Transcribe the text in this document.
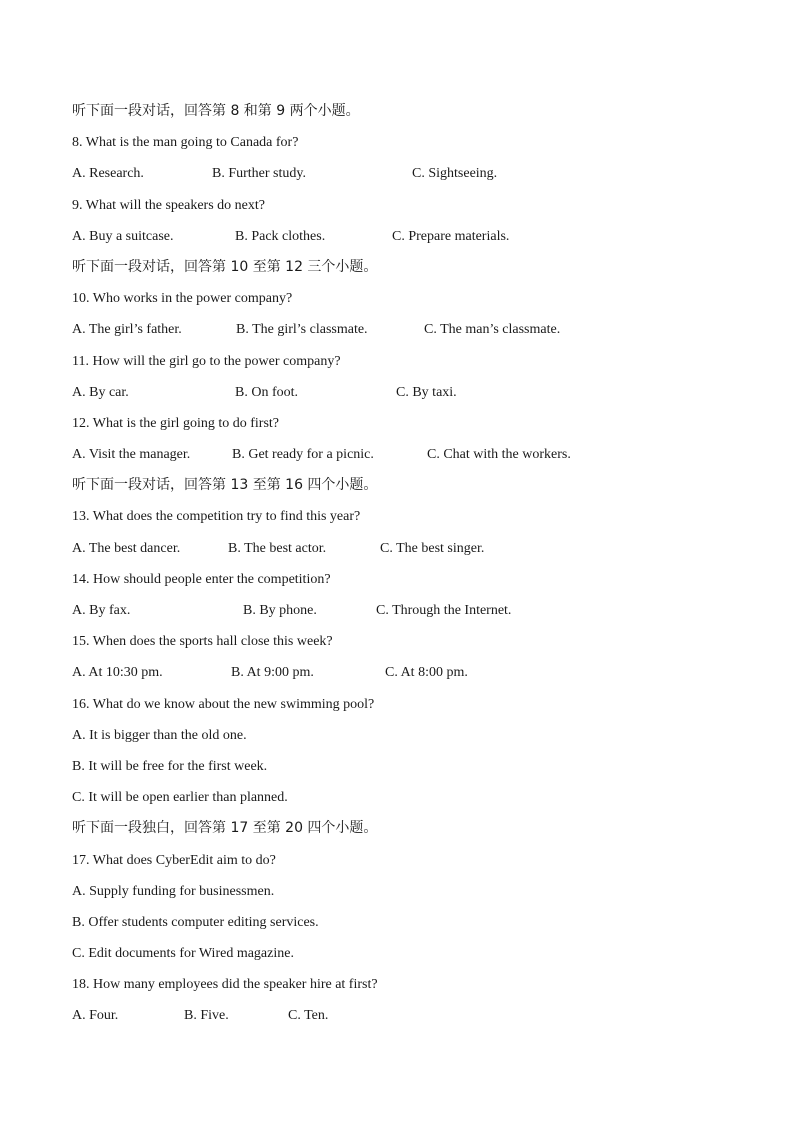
听下面一段对话，回答第 8 和第 9 两个小题。
8. What is the man going to Canada for?
A. Research.	B. Further study.	C. Sightseeing.
9. What will the speakers do next?
A. Buy a suitcase.	B. Pack clothes.	C. Prepare materials.
听下面一段对话，回答第 10 至第 12 三个小题。
10. Who works in the power company?
A. The girl’s father.	B. The girl’s classmate.	C. The man’s classmate.
11. How will the girl go to the power company?
A. By car.	B. On foot.	C. By taxi.
12. What is the girl going to do first?
A. Visit the manager.	B. Get ready for a picnic.	C. Chat with the workers.
听下面一段对话，回答第 13 至第 16 四个小题。
13. What does the competition try to find this year?
A. The best dancer.	B. The best actor.	C. The best singer.
14. How should people enter the competition?
A. By fax.	B. By phone.	C. Through the Internet.
15. When does the sports hall close this week?
A. At 10:30 pm.	B. At 9:00 pm.	C. At 8:00 pm.
16. What do we know about the new swimming pool?
A. It is bigger than the old one.
B. It will be free for the first week.
C. It will be open earlier than planned.
听下面一段独白，回答第 17 至第 20 四个小题。
17. What does CyberEdit aim to do?
A. Supply funding for businessmen.
B. Offer students computer editing services.
C. Edit documents for Wired magazine.
18. How many employees did the speaker hire at first?
A. Four.	B. Five.	C. Ten.
